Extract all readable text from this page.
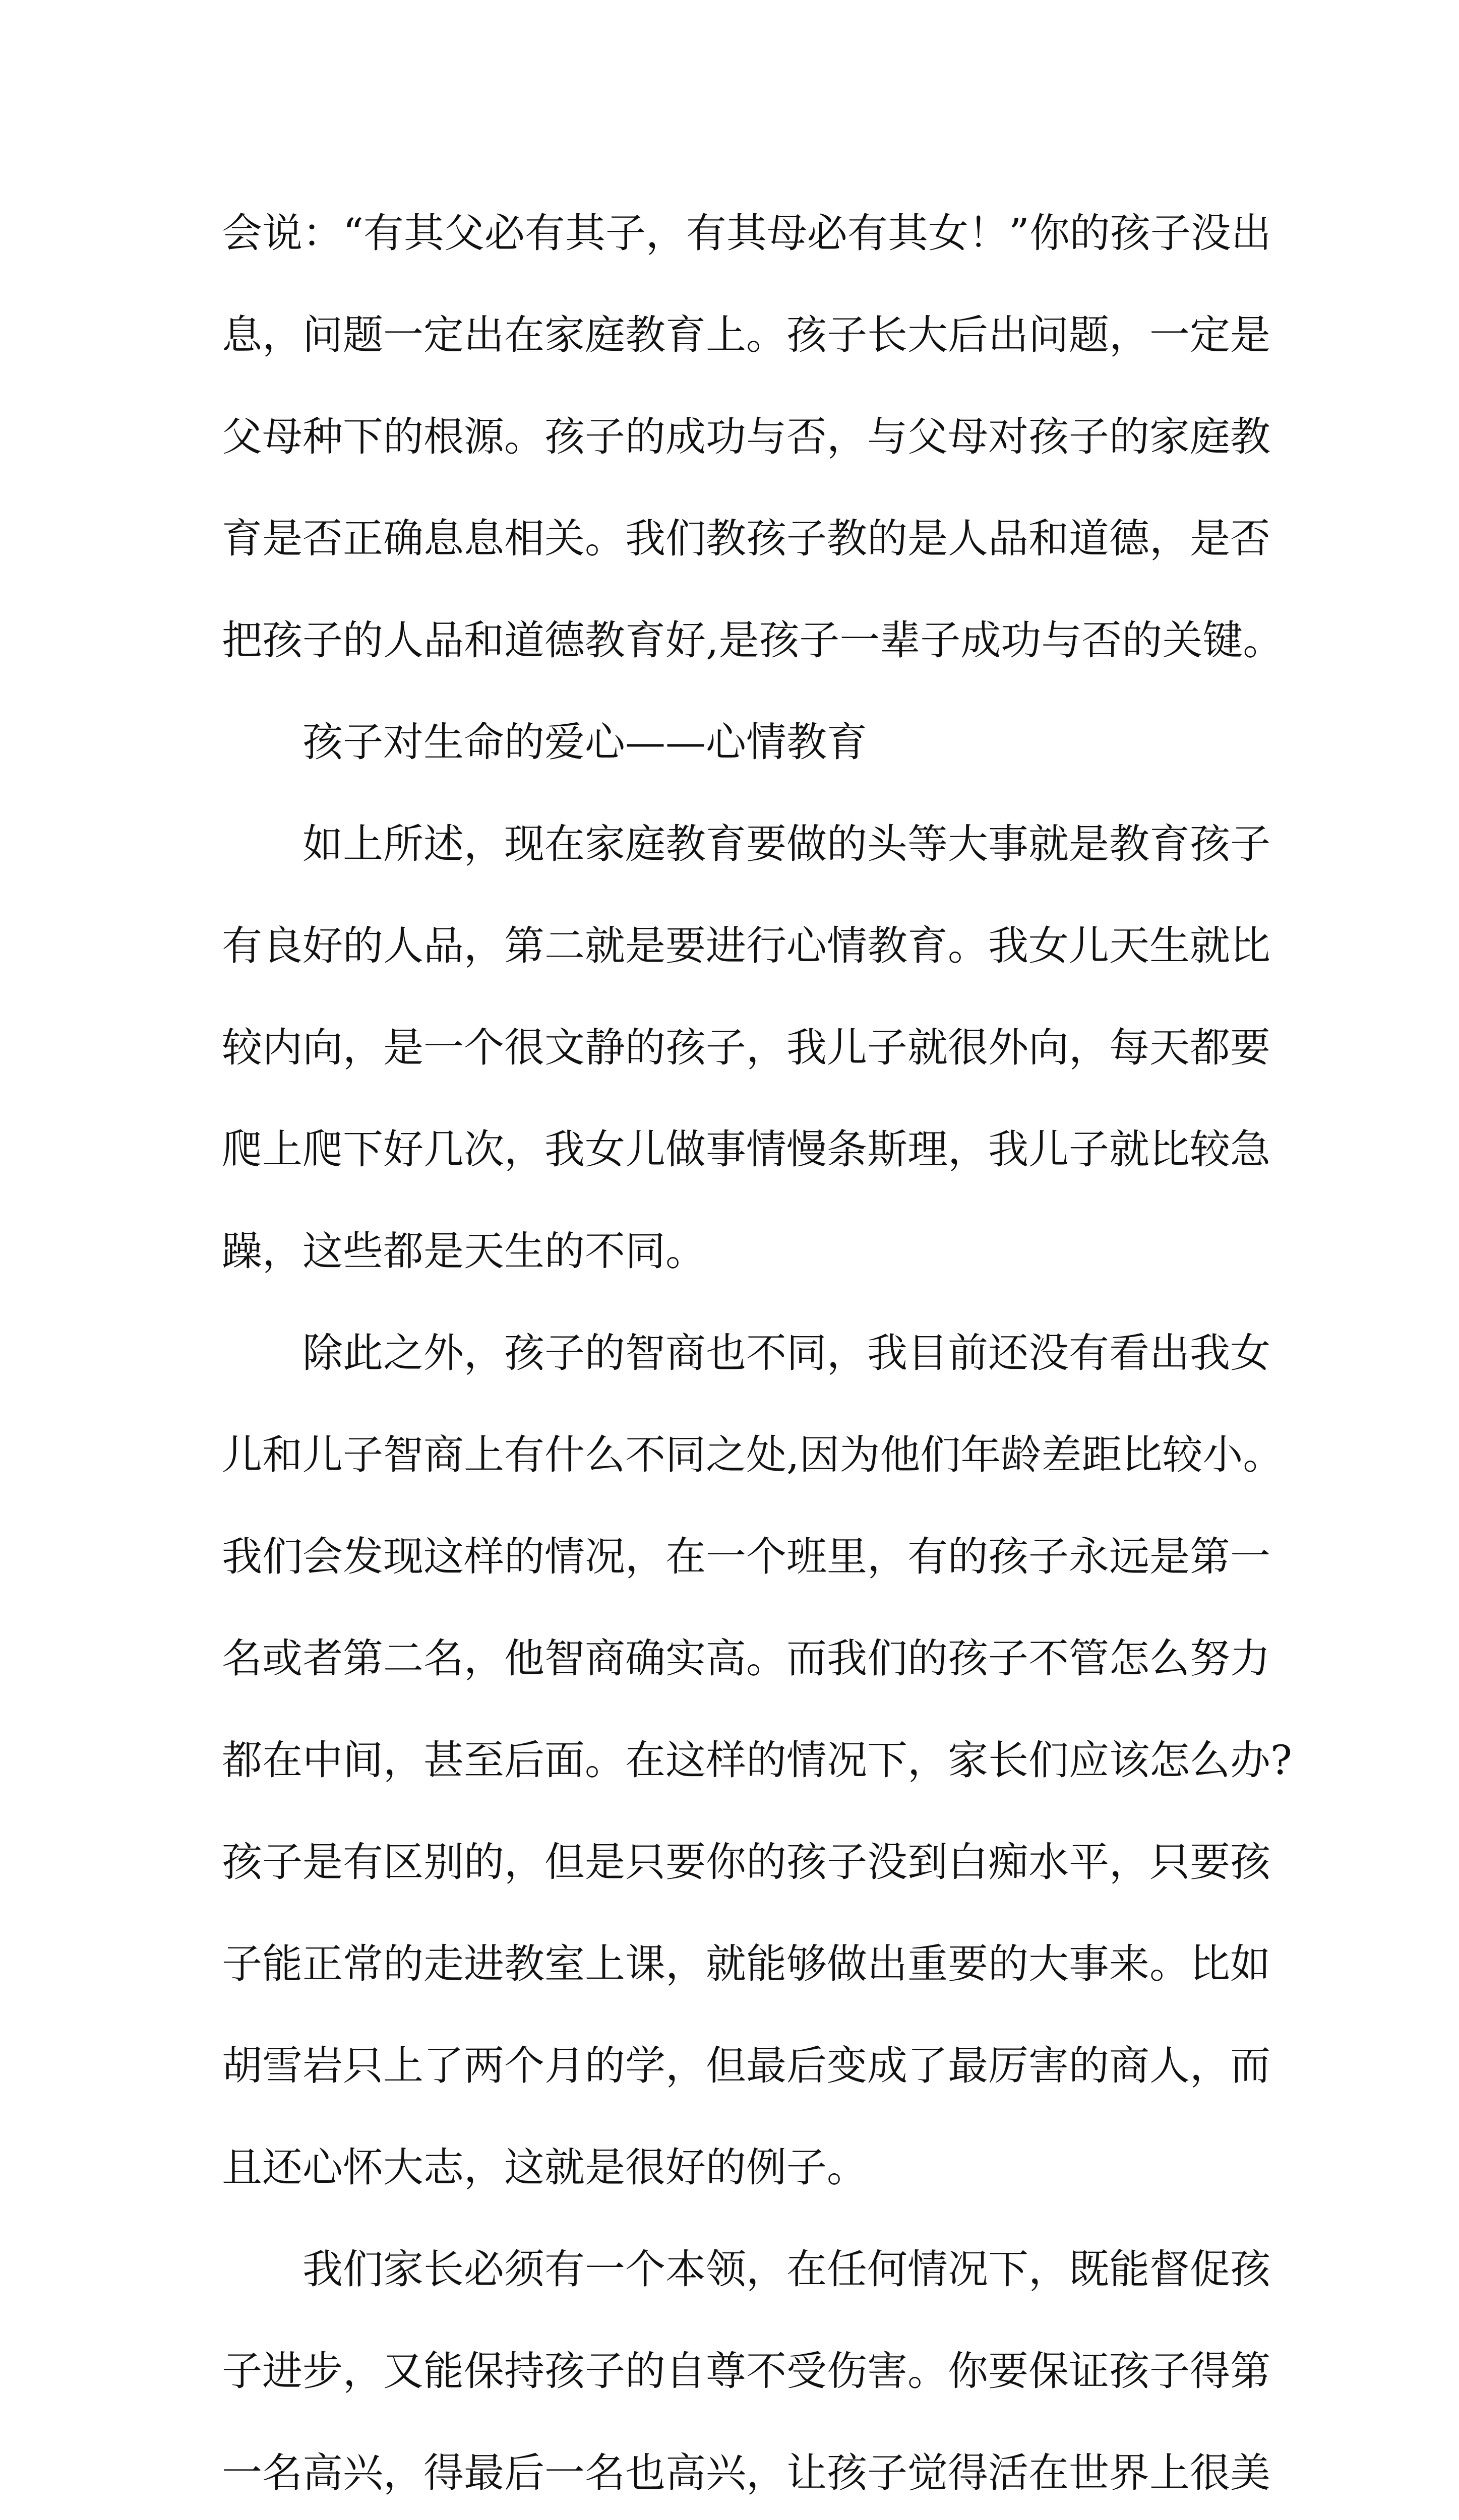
会说：“有其父必有其子，有其母必有其女！”你的孩子没出
息，问题一定出在家庭教育上。孩子长大后出问题，一定是
父母种下的根源。孩子的成功与否，与父母对孩子的家庭教
育是否正确息息相关。我们教孩子教的是人品和道德，是否
把孩子的人品和道德教育好,是孩子一辈子成功与否的关键。
孩子对生命的爱心——心情教育
如上所述，现在家庭教育要做的头等大事就是教育孩子
有良好的人品，第二就是要进行心情教育。我女儿天生就比
较内向，是一个很文静的孩子，我儿子就很外向，每天都要
爬上爬下好几次，我女儿做事情慢条斯理，我儿子就比较急
躁，这些都是天生的不同。
除此之外，孩子的智商也不同，我目前还没有看出我女
儿和儿子智商上有什么不同之处,因为他们年龄差距比较小。
我们会发现这样的情况，在一个班里，有的孩子永远是第一
名或者第二名，他智商确实高。而我们的孩子不管怎么努力
都在中间，甚至后面。在这样的情况下，家长们应该怎么办?
孩子是有区别的，但是只要你的孩子没到白痴水平，只要孩
子能正常的走进教室上课，就能够做出重要的大事来。比如
胡雪岩只上了两个月的学，但最后变成了最厉害的商人，而
且还心怀大志，这就是很好的例子。
我们家长必须有一个本领，在任何情况下，既能督促孩
子进步，又能保持孩子的自尊不受伤害。你要保证孩子得第
一名高兴，得最后一名也高兴，让孩子觉得活在世界上很美
